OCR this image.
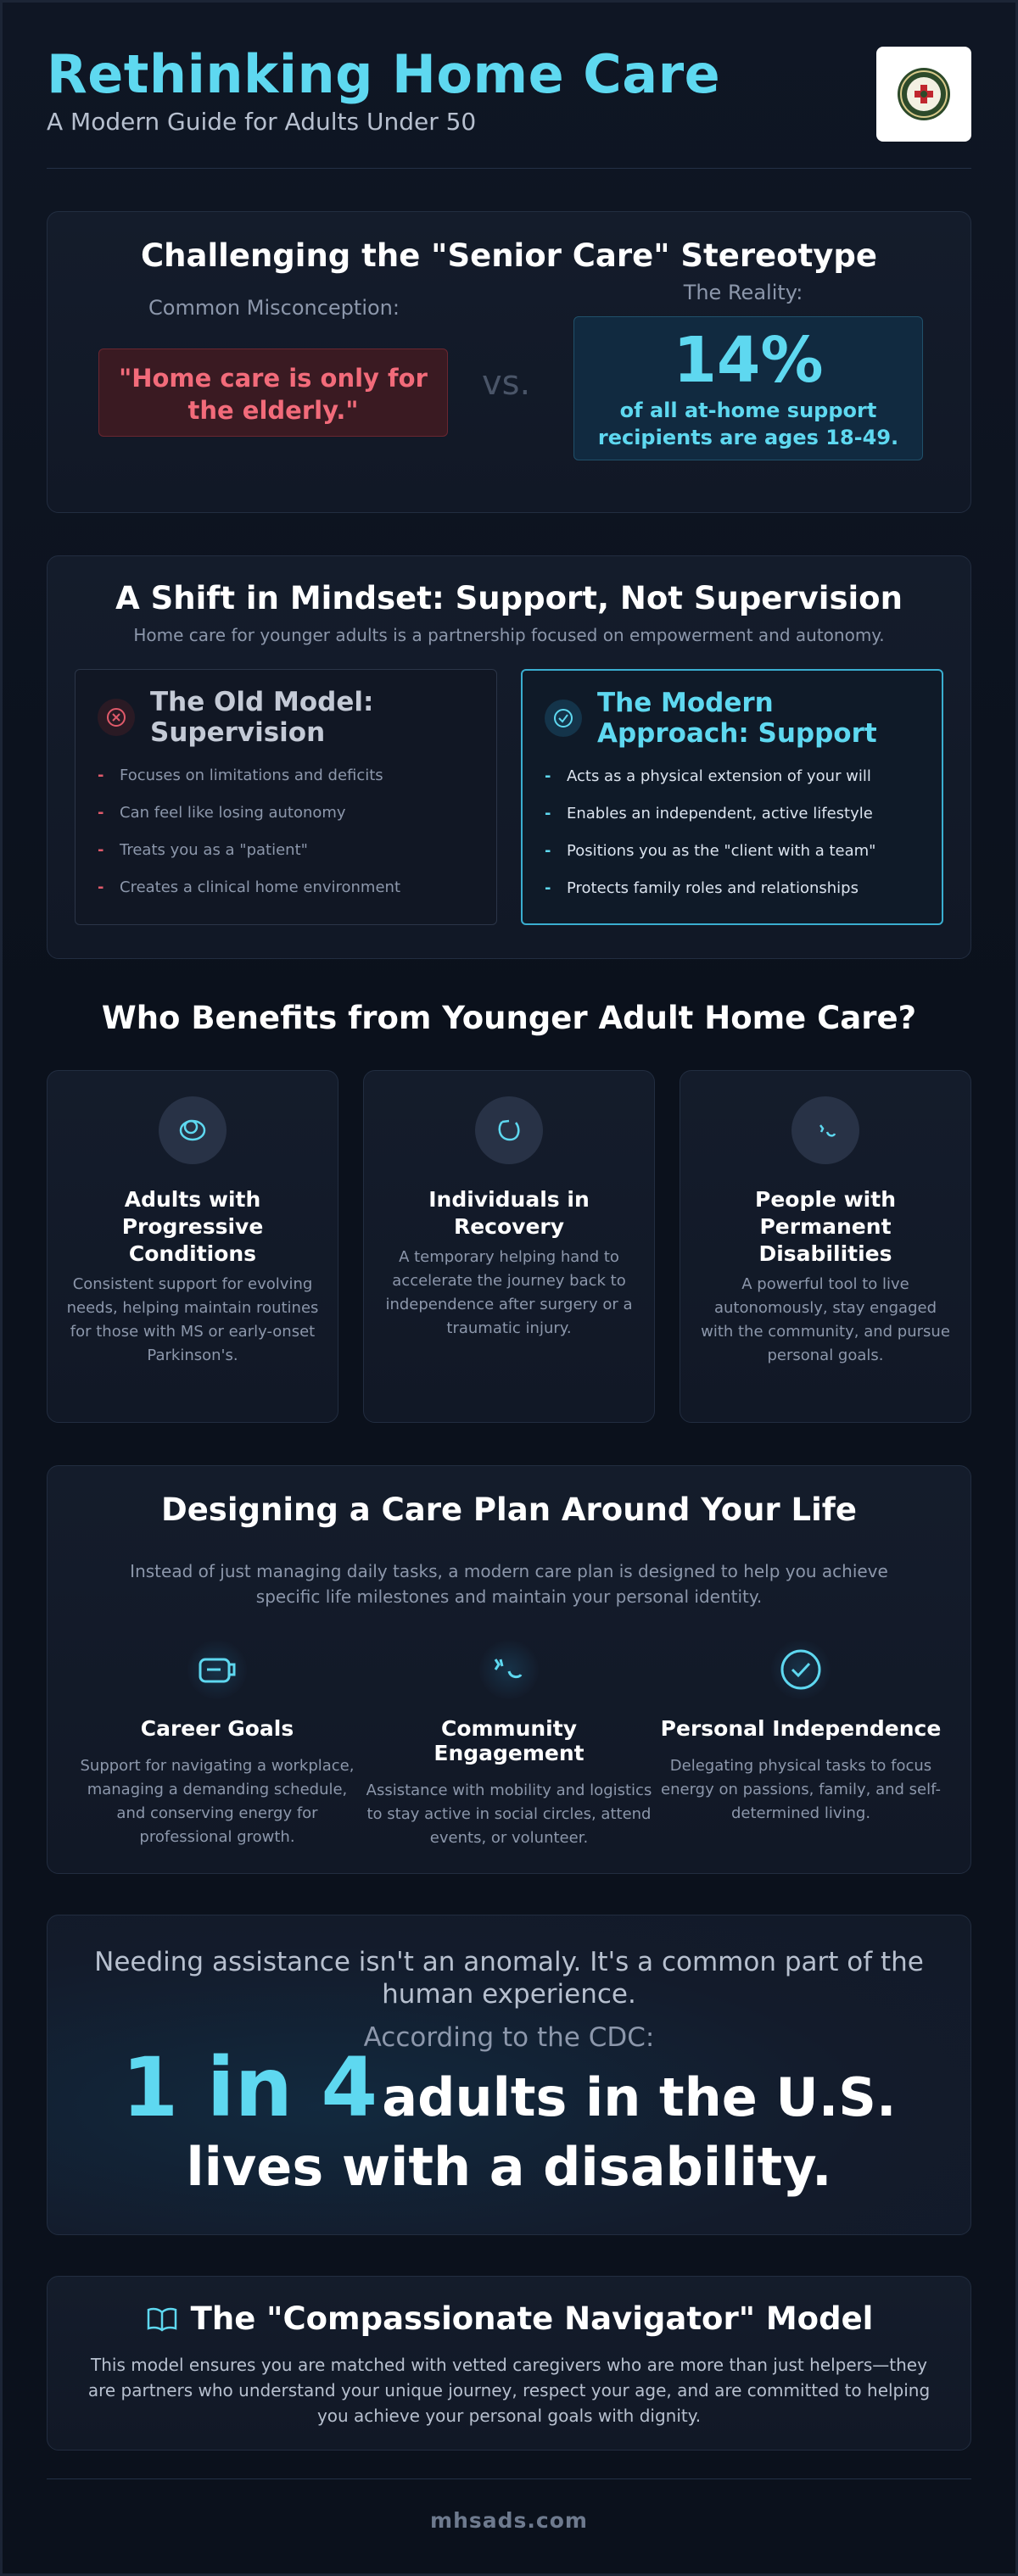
Rethinking Home Care
A Modern Guide for Adults Under 50
Challenging the "Senior Care" Stereotype
Common Misconception:
"Home care is only for the elderly."
vs.
The Reality:
14%
of all at-home support recipients are ages 18-49.
A Shift in Mindset: Support, Not Supervision
Home care for younger adults is a partnership focused on empowerment and autonomy.
The Old Model: Supervision
-	Focuses on limitations and deficits
-	Can feel like losing autonomy
-	Treats you as a "patient"
-	Creates a clinical home environment
The Modern Approach: Support
-	Acts as a physical extension of your will
-	Enables an independent, active lifestyle
-	Positions you as the "client with a team"
-	Protects family roles and relationships
Who Benefits from Younger Adult Home Care?
Adults with Progressive Conditions
Consistent support for evolving needs, helping maintain routines for those with MS or early-onset Parkinson's.
Individuals in Recovery
A temporary helping hand to accelerate the journey back to independence after surgery or a traumatic injury.
People with Permanent Disabilities
A powerful tool to live autonomously, stay engaged with the community, and pursue personal goals.
Designing a Care Plan Around Your Life
Instead of just managing daily tasks, a modern care plan is designed to help you achieve specific life milestones and maintain your personal identity.
Career Goals
Support for navigating a workplace, managing a demanding schedule, and conserving energy for professional growth.
Community Engagement
Assistance with mobility and logistics to stay active in social circles, attend events, or volunteer.
Personal Independence
Delegating physical tasks to focus energy on passions, family, and self-determined living.
Needing assistance isn't an anomaly. It's a common part of the human experience.
According to the CDC:
1 in 4 adults in the U.S.
lives with a disability.
The "Compassionate Navigator" Model
This model ensures you are matched with vetted caregivers who are more than just helpers—they are partners who understand your unique journey, respect your age, and are committed to helping you achieve your personal goals with dignity.
mhsads.com
